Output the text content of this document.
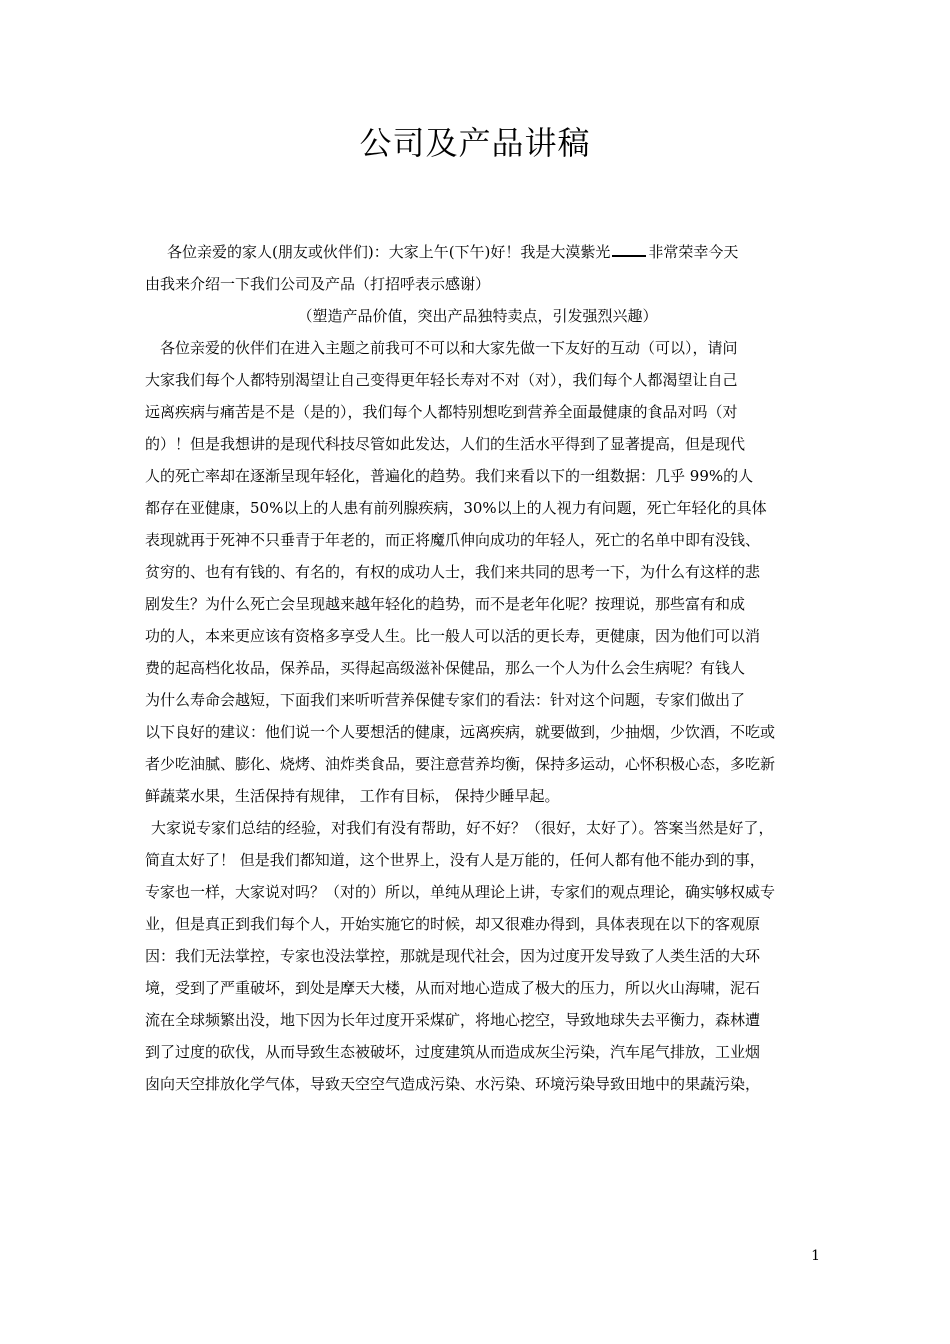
公司及产品讲稿
各位亲爱的家人(朋友或伙伴们)：大家上午(下午)好！我是大漠紫光	非常荣幸今天
由我来介绍一下我们公司及产品（打招呼表示感谢）
（塑造产品价值，突出产品独特卖点，引发强烈兴趣）
各位亲爱的伙伴们在进入主题之前我可不可以和大家先做一下友好的互动（可以），请问
大家我们每个人都特别渴望让自己变得更年轻长寿对不对（对），我们每个人都渴望让自己
远离疾病与痛苦是不是（是的），我们每个人都特别想吃到营养全面最健康的食品对吗（对
的）！但是我想讲的是现代科技尽管如此发达，人们的生活水平得到了显著提高，但是现代
人的死亡率却在逐渐呈现年轻化，普遍化的趋势。我们来看以下的一组数据：几乎 99%的人
都存在亚健康，50%以上的人患有前列腺疾病，30%以上的人视力有问题，死亡年轻化的具体
表现就再于死神不只垂青于年老的，而正将魔爪伸向成功的年轻人，死亡的名单中即有没钱、
贫穷的、也有有钱的、有名的，有权的成功人士，我们来共同的思考一下，为什么有这样的悲
剧发生？为什么死亡会呈现越来越年轻化的趋势，而不是老年化呢？按理说，那些富有和成
功的人，本来更应该有资格多享受人生。比一般人可以活的更长寿，更健康，因为他们可以消
费的起高档化妆品，保养品，买得起高级滋补保健品，那么一个人为什么会生病呢？有钱人
为什么寿命会越短，下面我们来听听营养保健专家们的看法：针对这个问题，专家们做出了
以下良好的建议：他们说一个人要想活的健康，远离疾病，就要做到，少抽烟，少饮酒，不吃或
者少吃油腻、膨化、烧烤、油炸类食品，要注意营养均衡，保持多运动，心怀积极心态，多吃新
鲜蔬菜水果，生活保持有规律， 工作有目标， 保持少睡早起。
大家说专家们总结的经验，对我们有没有帮助，好不好？（很好，太好了）。答案当然是好了，
简直太好了！ 但是我们都知道，这个世界上，没有人是万能的，任何人都有他不能办到的事，
专家也一样，大家说对吗？（对的）所以，单纯从理论上讲，专家们的观点理论，确实够权威专
业，但是真正到我们每个人，开始实施它的时候，却又很难办得到，具体表现在以下的客观原
因：我们无法掌控，专家也没法掌控，那就是现代社会，因为过度开发导致了人类生活的大环
境，受到了严重破坏，到处是摩天大楼，从而对地心造成了极大的压力，所以火山海啸，泥石
流在全球频繁出没，地下因为长年过度开采煤矿，将地心挖空，导致地球失去平衡力，森林遭
到了过度的砍伐，从而导致生态被破坏，过度建筑从而造成灰尘污染，汽车尾气排放，工业烟
囱向天空排放化学气体，导致天空空气造成污染、水污染、环境污染导致田地中的果蔬污染，
1
